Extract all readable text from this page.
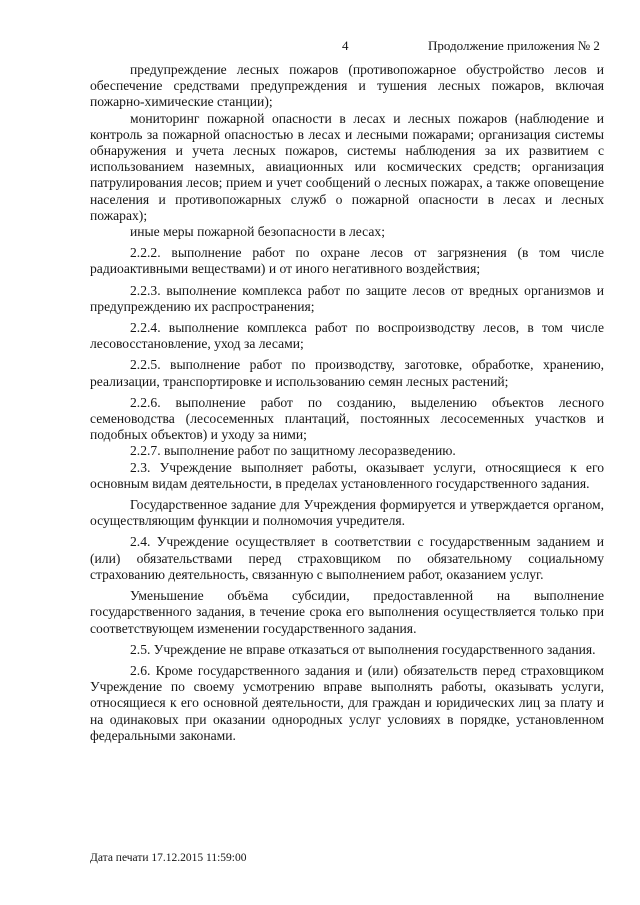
4	Продолжение приложения № 2

предупреждение лесных пожаров (противопожарное обустройство лесов и обеспечение средствами предупреждения и тушения лесных пожаров, включая пожарно-химические станции);

мониторинг пожарной опасности в лесах и лесных пожаров (наблюдение и контроль за пожарной опасностью в лесах и лесными пожарами; организация системы обнаружения и учета лесных пожаров, системы наблюдения за их развитием с использованием наземных, авиационных или космических средств; организация патрулирования лесов; прием и учет сообщений о лесных пожарах, а также оповещение населения и противопожарных служб о пожарной опасности в лесах и лесных пожарах);

иные меры пожарной безопасности в лесах;

2.2.2. выполнение работ по охране лесов от загрязнения (в том числе радиоактивными веществами) и от иного негативного воздействия;

2.2.3. выполнение комплекса работ по защите лесов от вредных организмов и предупреждению их распространения;

2.2.4. выполнение комплекса работ по воспроизводству лесов, в том числе лесовосстановление, уход за лесами;

2.2.5. выполнение работ по производству, заготовке, обработке, хранению, реализации, транспортировке и использованию семян лесных растений;

2.2.6. выполнение работ по созданию, выделению объектов лесного семеноводства (лесосеменных плантаций, постоянных лесосеменных участков и подобных объектов) и уходу за ними;

2.2.7. выполнение работ по защитному лесоразведению.

2.3. Учреждение выполняет работы, оказывает услуги, относящиеся к его основным видам деятельности, в пределах установленного государственного задания.

Государственное задание для Учреждения формируется и утверждается органом, осуществляющим функции и полномочия учредителя.

2.4. Учреждение осуществляет в соответствии с государственным заданием и (или) обязательствами перед страховщиком по обязательному социальному страхованию деятельность, связанную с выполнением работ, оказанием услуг.

Уменьшение объёма субсидии, предоставленной на выполнение государственного задания, в течение срока его выполнения осуществляется только при соответствующем изменении государственного задания.

2.5. Учреждение не вправе отказаться от выполнения государственного задания.

2.6. Кроме государственного задания и (или) обязательств перед страховщиком Учреждение по своему усмотрению вправе выполнять работы, оказывать услуги, относящиеся к его основной деятельности, для граждан и юридических лиц за плату и на одинаковых при оказании однородных услуг условиях в порядке, установленном федеральными законами.

Дата печати 17.12.2015 11:59:00
